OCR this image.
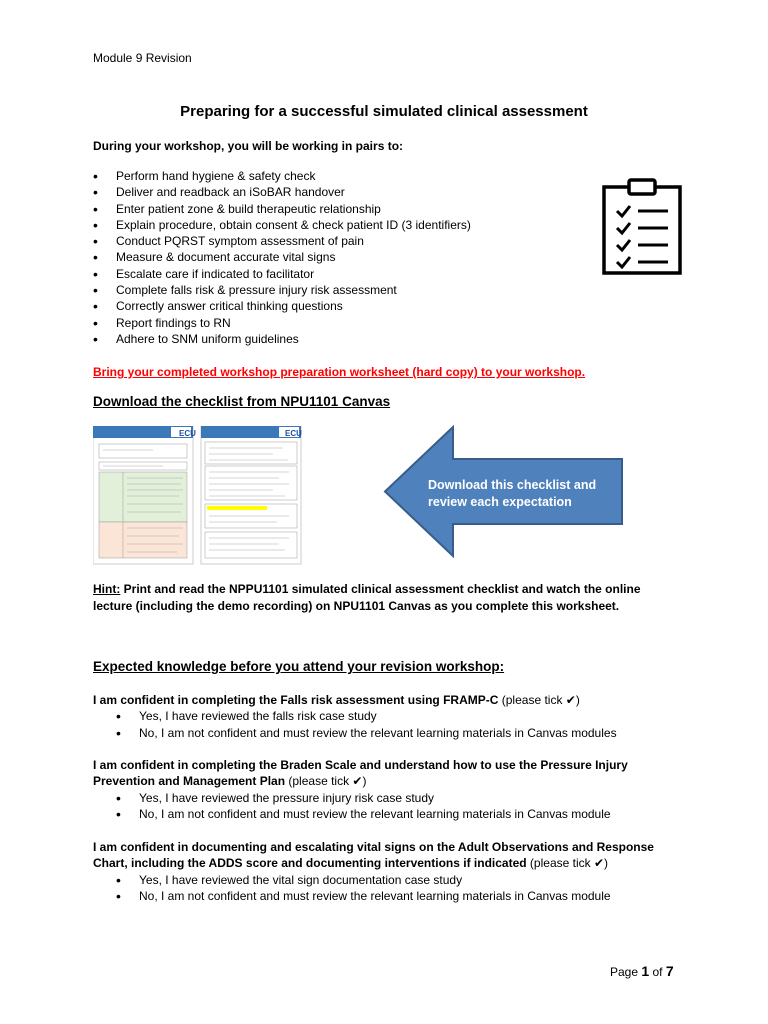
Module 9 Revision
Preparing for a successful simulated clinical assessment
During your workshop, you will be working in pairs to:
• Perform hand hygiene & safety check
• Deliver and readback an iSoBAR handover
• Enter patient zone & build therapeutic relationship
• Explain procedure, obtain consent & check patient ID (3 identifiers)
• Conduct PQRST symptom assessment of pain
• Measure & document accurate vital signs
• Escalate care if indicated to facilitator
• Complete falls risk & pressure injury risk assessment
• Correctly answer critical thinking questions
• Report findings to RN
• Adhere to SNM uniform guidelines
Bring your completed workshop preparation worksheet (hard copy) to your workshop.
Download the checklist from NPU1101 Canvas
ECU	ECU
Download this checklist and review each expectation
Hint: Print and read the NPPU1101 simulated clinical assessment checklist and watch the online lecture (including the demo recording) on NPU1101 Canvas as you complete this worksheet.
Expected knowledge before you attend your revision workshop:
I am confident in completing the Falls risk assessment using FRAMP-C (please tick ✔)
• Yes, I have reviewed the falls risk case study
• No, I am not confident and must review the relevant learning materials in Canvas modules
I am confident in completing the Braden Scale and understand how to use the Pressure Injury Prevention and Management Plan (please tick ✔)
• Yes, I have reviewed the pressure injury risk case study
• No, I am not confident and must review the relevant learning materials in Canvas module
I am confident in documenting and escalating vital signs on the Adult Observations and Response Chart, including the ADDS score and documenting interventions if indicated (please tick ✔)
• Yes, I have reviewed the vital sign documentation case study
• No, I am not confident and must review the relevant learning materials in Canvas module
Page 1 of 7
